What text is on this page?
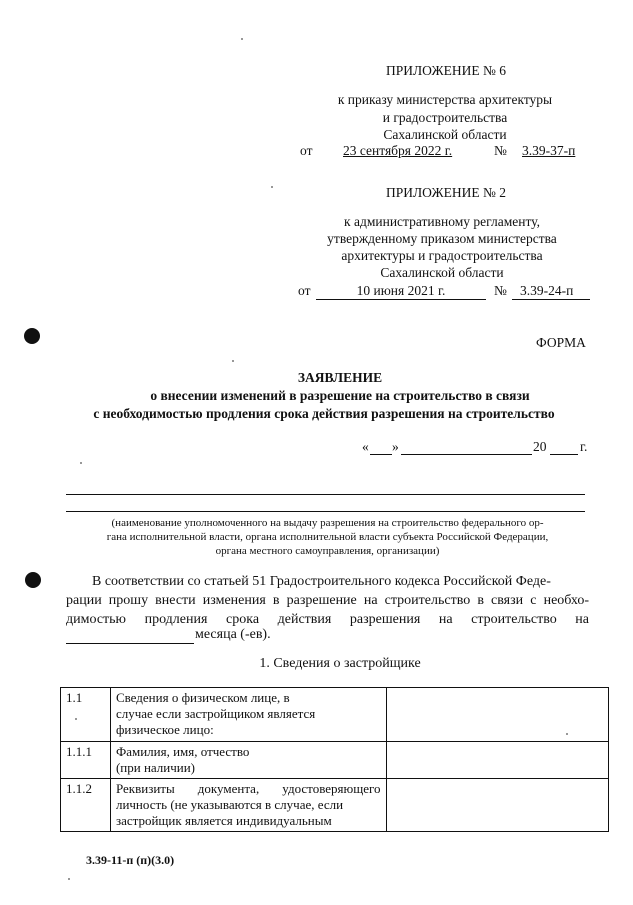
ПРИЛОЖЕНИЕ № 6
к приказу министерства архитектуры
и градостроительства
Сахалинской области
от 23 сентября 2022 г.	№ 3.39-37-п
ПРИЛОЖЕНИЕ № 2
к административному регламенту,
утвержденному приказом министерства
архитектуры и градостроительства
Сахалинской области
от	10 июня 2021 г.	№ 3.39-24-п
ФОРМА
ЗАЯВЛЕНИЕ
о внесении изменений в разрешение на строительство в связи
с необходимостью продления срока действия разрешения на строительство
« »	20 г.
(наименование уполномоченного на выдачу разрешения на строительство федерального ор-
гана исполнительной власти, органа исполнительной власти субъекта Российской Федерации,
органа местного самоуправления, организации)
В соответствии со статьей 51 Градостроительного кодекса Российской Феде-
рации прошу внести изменения в разрешение на строительство в связи с необхо-
димостью продления срока действия разрешения на строительство на
месяца (-ев).
1. Сведения о застройщике
1.1	Сведения о физическом лице, в
случае если застройщиком является
физическое лицо:	

1.1.1	Фамилия, имя, отчество
(при наличии)	

1.1.2	Реквизиты документа, удостоверяющего
личность (не указываются в случае, если
застройщик является индивидуальным	

3.39-11-п (п)(3.0)
